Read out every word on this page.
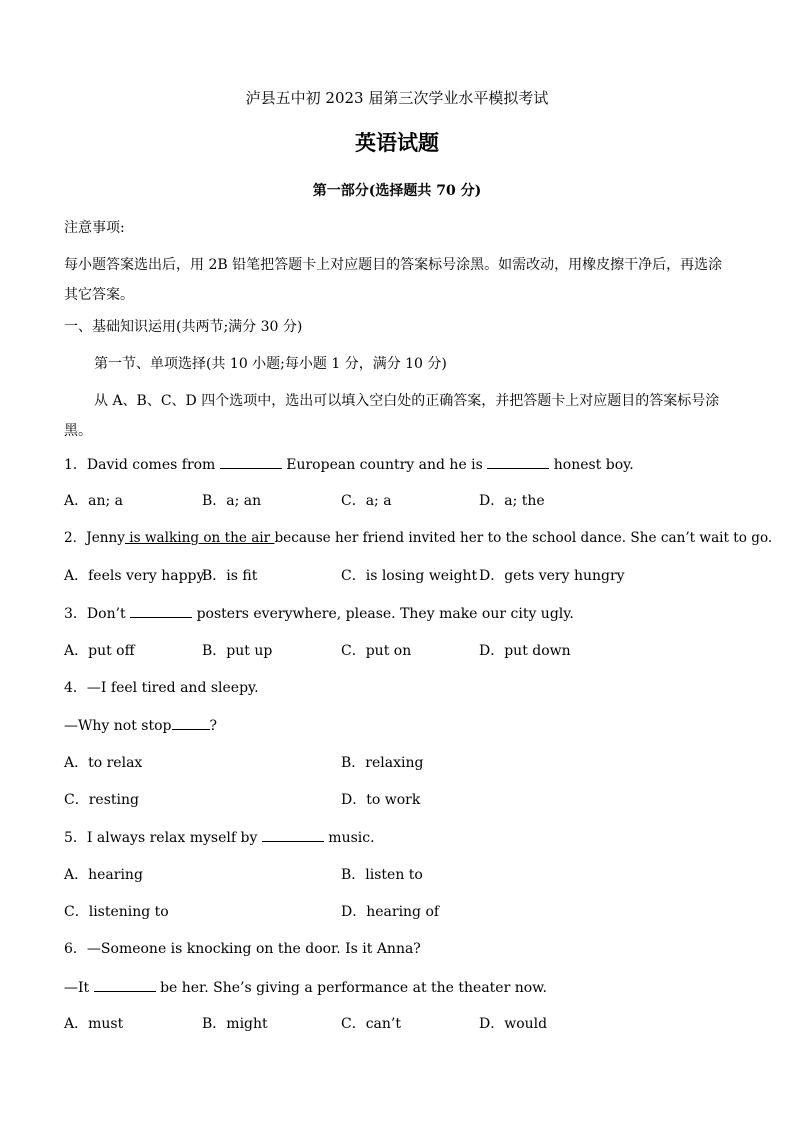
泸县五中初 2023 届第三次学业水平模拟考试
英语试题
第一部分(选择题共 70 分)
注意事项:
每小题答案选出后，用 2B 铅笔把答题卡上对应题目的答案标号涂黑。如需改动，用橡皮擦干净后，再选涂其它答案。
一、基础知识运用(共两节;满分 30 分)
第一节、单项选择(共 10 小题;每小题 1 分，满分 10 分)
从 A、B、C、D 四个选项中，选出可以填入空白处的正确答案，并把答题卡上对应题目的答案标号涂黑。
1．David comes from	European country and he is	honest boy.
A．an; a	B．a; an	C．a; a	D．a; the
2．Jenny is walking on the air because her friend invited her to the school dance. She can’t wait to go.
A．feels very happy
B．is fit	C．is losing weight D．gets very hungry
3．Don’t	posters everywhere, please. They make our city ugly.
A．put off	B．put up	C．put on	D．put down
4．—I feel tired and sleepy.
—Why not stop	?
A．to relax	B．relaxing
C．resting	D．to work
5．I always relax myself by	music.
A．hearing	B．listen to
C．listening to	D．hearing of
6．—Someone is knocking on the door. Is it Anna?
—It	be her. She’s giving a performance at the theater now.
A．must	B．might	C．can’t	D．would
